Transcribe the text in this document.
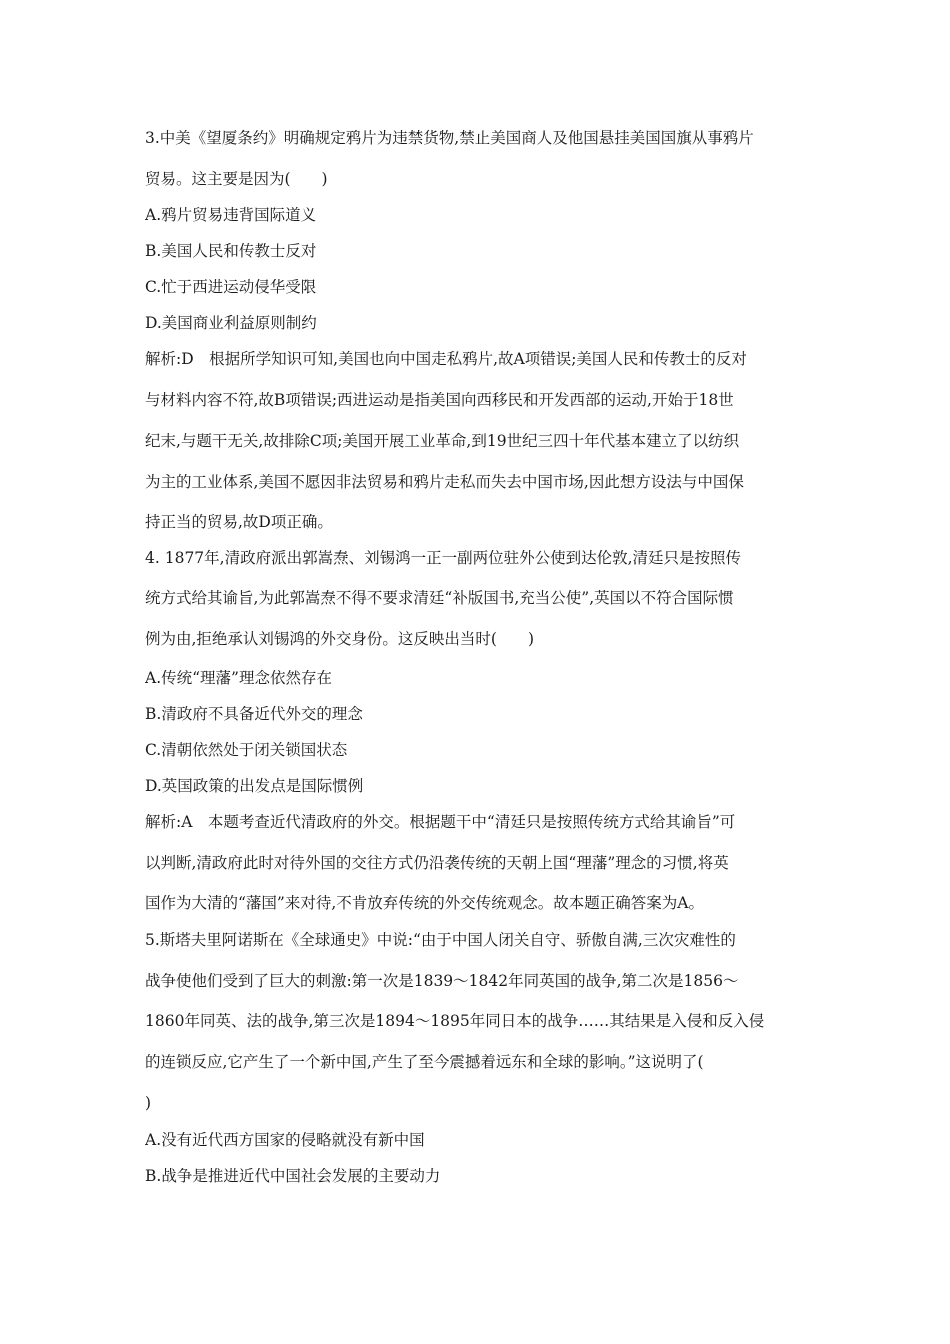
3.中美《望厦条约》明确规定鸦片为违禁货物,禁止美国商人及他国悬挂美国国旗从事鸦片
贸易。这主要是因为(　　)
A.鸦片贸易违背国际道义
B.美国人民和传教士反对
C.忙于西进运动侵华受限
D.美国商业利益原则制约
解析:D　根据所学知识可知,美国也向中国走私鸦片,故A项错误;美国人民和传教士的反对
与材料内容不符,故B项错误;西进运动是指美国向西移民和开发西部的运动,开始于18世
纪末,与题干无关,故排除C项;美国开展工业革命,到19世纪三四十年代基本建立了以纺织
为主的工业体系,美国不愿因非法贸易和鸦片走私而失去中国市场,因此想方设法与中国保
持正当的贸易,故D项正确。
4. 1877年,清政府派出郭嵩焘、刘锡鸿一正一副两位驻外公使到达伦敦,清廷只是按照传
统方式给其谕旨,为此郭嵩焘不得不要求清廷“补版国书,充当公使”,英国以不符合国际惯
例为由,拒绝承认刘锡鸿的外交身份。这反映出当时(　　)
A.传统“理藩”理念依然存在
B.清政府不具备近代外交的理念
C.清朝依然处于闭关锁国状态
D.英国政策的出发点是国际惯例
解析:A　本题考查近代清政府的外交。根据题干中“清廷只是按照传统方式给其谕旨”可
以判断,清政府此时对待外国的交往方式仍沿袭传统的天朝上国“理藩”理念的习惯,将英
国作为大清的“藩国”来对待,不肯放弃传统的外交传统观念。故本题正确答案为A。
5.斯塔夫里阿诺斯在《全球通史》中说:“由于中国人闭关自守、骄傲自满,三次灾难性的
战争使他们受到了巨大的刺激:第一次是1839～1842年同英国的战争,第二次是1856～
1860年同英、法的战争,第三次是1894～1895年同日本的战争……其结果是入侵和反入侵
的连锁反应,它产生了一个新中国,产生了至今震撼着远东和全球的影响。”这说明了(
)
A.没有近代西方国家的侵略就没有新中国
B.战争是推进近代中国社会发展的主要动力
